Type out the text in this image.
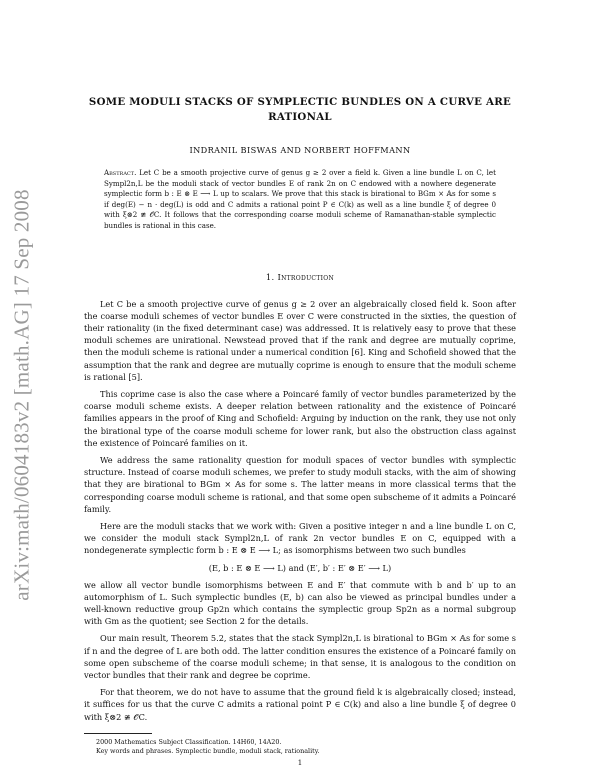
arXiv:math/0604183v2 [math.AG] 17 Sep 2008
SOME MODULI STACKS OF SYMPLECTIC BUNDLES ON A CURVE ARE RATIONAL
INDRANIL BISWAS AND NORBERT HOFFMANN
Abstract. Let C be a smooth projective curve of genus g ≥ 2 over a field k. Given a line bundle L on C, let Sympl2n,L be the moduli stack of vector bundles E of rank 2n on C endowed with a nowhere degenerate symplectic form b : E ⊗ E ⟶ L up to scalars. We prove that this stack is birational to BGm × 𝔸s for some s if deg(E) − n · deg(L) is odd and C admits a rational point P ∈ C(k) as well as a line bundle ξ of degree 0 with ξ⊗2 ≇ 𝒪C. It follows that the corresponding coarse moduli scheme of Ramanathan-stable symplectic bundles is rational in this case.
1. Introduction

Let C be a smooth projective curve of genus g ≥ 2 over an algebraically closed field k. Soon after the coarse moduli schemes of vector bundles E over C were constructed in the sixties, the question of their rationality (in the fixed determinant case) was addressed. It is relatively easy to prove that these moduli schemes are unirational. Newstead proved that if the rank and degree are mutually coprime, then the moduli scheme is rational under a numerical condition [6]. King and Schofield showed that the assumption that the rank and degree are mutually coprime is enough to ensure that the moduli scheme is rational [5].

This coprime case is also the case where a Poincaré family of vector bundles parameterized by the coarse moduli scheme exists. A deeper relation between rationality and the existence of Poincaré families appears in the proof of King and Schofield: Arguing by induction on the rank, they use not only the birational type of the coarse moduli scheme for lower rank, but also the obstruction class against the existence of Poincaré families on it.

We address the same rationality question for moduli spaces of vector bundles with symplectic structure. Instead of coarse moduli schemes, we prefer to study moduli stacks, with the aim of showing that they are birational to BGm × 𝔸s for some s. The latter means in more classical terms that the corresponding coarse moduli scheme is rational, and that some open subscheme of it admits a Poincaré family.

Here are the moduli stacks that we work with: Given a positive integer n and a line bundle L on C, we consider the moduli stack Sympl2n,L of rank 2n vector bundles E on C, equipped with a nondegenerate symplectic form b : E ⊗ E ⟶ L; as isomorphisms between two such bundles

(E, b : E ⊗ E ⟶ L) and (E′, b′ : E′ ⊗ E′ ⟶ L)

we allow all vector bundle isomorphisms between E and E′ that commute with b and b′ up to an automorphism of L. Such symplectic bundles (E, b) can also be viewed as principal bundles under a well-known reductive group Gp2n which contains the symplectic group Sp2n as a normal subgroup with Gm as the quotient; see Section 2 for the details.

Our main result, Theorem 5.2, states that the stack Sympl2n,L is birational to BGm × 𝔸s for some s if n and the degree of L are both odd. The latter condition ensures the existence of a Poincaré family on some open subscheme of the coarse moduli scheme; in that sense, it is analogous to the condition on vector bundles that their rank and degree be coprime.

For that theorem, we do not have to assume that the ground field k is algebraically closed; instead, it suffices for us that the curve C admits a rational point P ∈ C(k) and also a line bundle ξ of degree 0 with ξ⊗2 ≇ 𝒪C.

2000 Mathematics Subject Classification. 14H60, 14A20.
Key words and phrases. Symplectic bundle, moduli stack, rationality.
1
